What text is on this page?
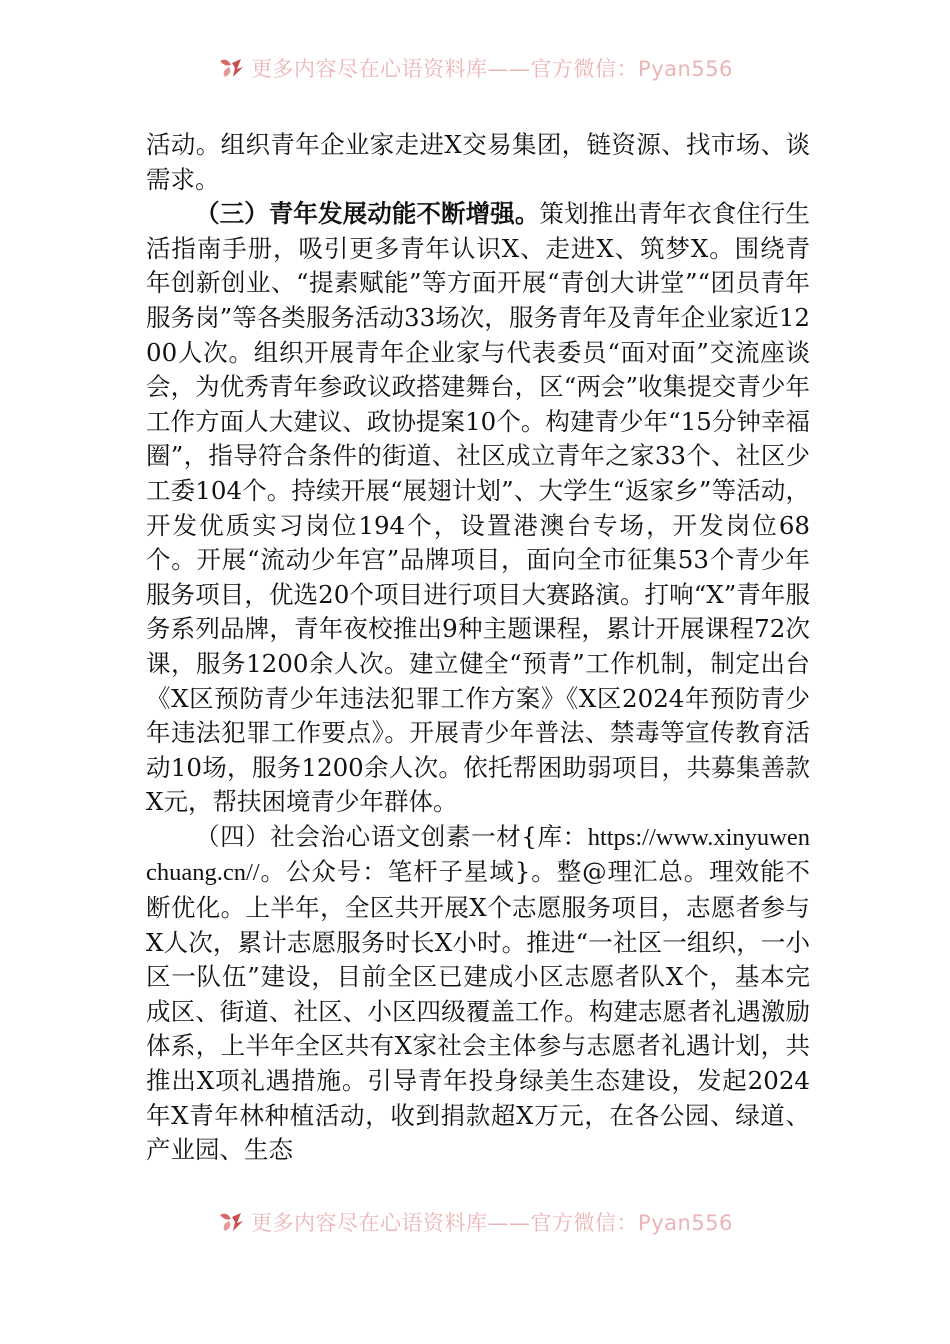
更多内容尽在心语资料库——官方微信：Pyan556

活动。组织青年企业家走进X交易集团，链资源、找市场、谈需求。

（三）青年发展动能不断增强。策划推出青年衣食住行生活指南手册，吸引更多青年认识X、走进X、筑梦X。围绕青年创新创业、“提素赋能”等方面开展“青创大讲堂”“团员青年服务岗”等各类服务活动33场次，服务青年及青年企业家近1200人次。组织开展青年企业家与代表委员“面对面”交流座谈会，为优秀青年参政议政搭建舞台，区“两会”收集提交青少年工作方面人大建议、政协提案10个。构建青少年“15分钟幸福圈”，指导符合条件的街道、社区成立青年之家33个、社区少工委104个。持续开展“展翅计划”、大学生“返家乡”等活动，开发优质实习岗位194个，设置港澳台专场，开发岗位68个。开展“流动少年宫”品牌项目，面向全市征集53个青少年服务项目，优选20个项目进行项目大赛路演。打响“X”青年服务系列品牌，青年夜校推出9种主题课程，累计开展课程72次课，服务1200余人次。建立健全“预青”工作机制，制定出台《X区预防青少年违法犯罪工作方案》《X区2024年预防青少年违法犯罪工作要点》。开展青少年普法、禁毒等宣传教育活动10场，服务1200余人次。依托帮困助弱项目，共募集善款X元，帮扶困境青少年群体。

（四）社会治心语文创素一材{库：https://www.xinyuwenchuang.cn//。公众号：笔杆子星域}。整@理汇总。理效能不断优化。上半年，全区共开展X个志愿服务项目，志愿者参与X人次，累计志愿服务时长X小时。推进“一社区一组织，一小区一队伍”建设，目前全区已建成小区志愿者队X个，基本完成区、街道、社区、小区四级覆盖工作。构建志愿者礼遇激励体系，上半年全区共有X家社会主体参与志愿者礼遇计划，共推出X项礼遇措施。引导青年投身绿美生态建设，发起2024年X青年林种植活动，收到捐款超X万元，在各公园、绿道、产业园、生态

更多内容尽在心语资料库——官方微信：Pyan556
